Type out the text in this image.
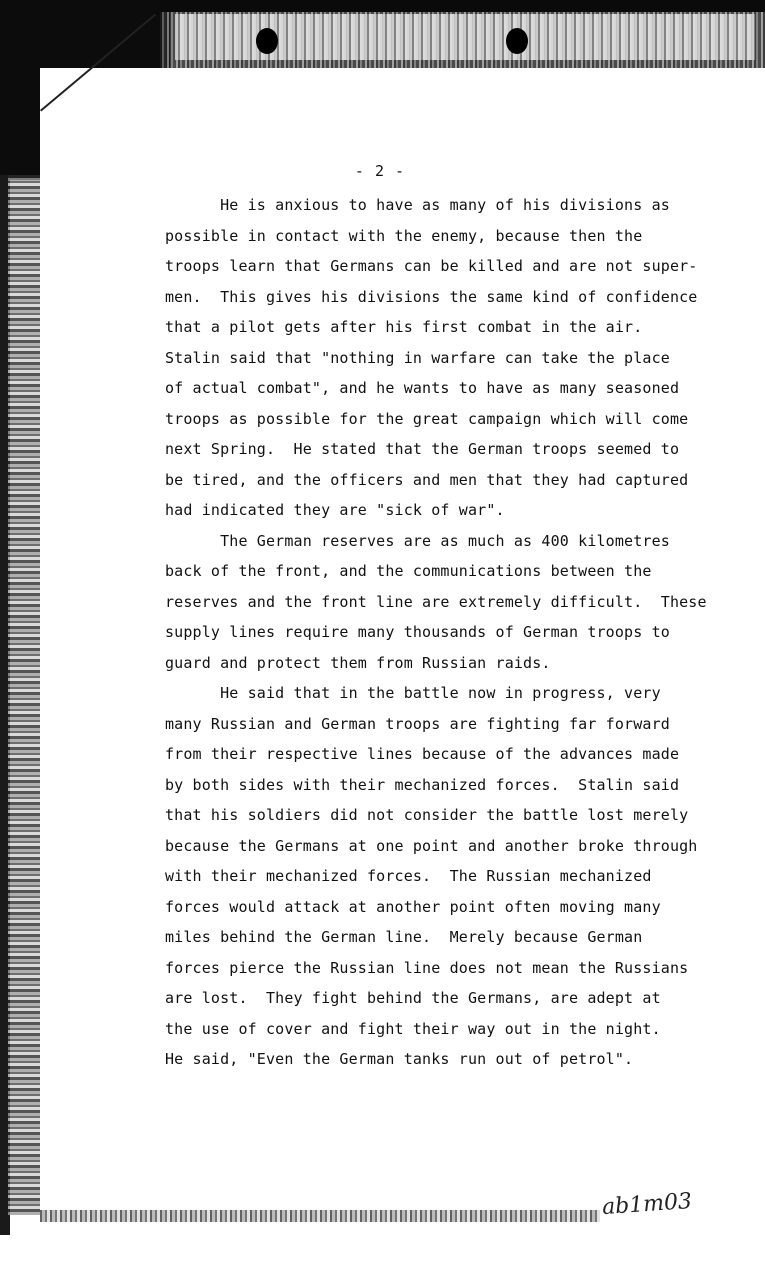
- 2 -
He is anxious to have as many of his divisions as
possible in contact with the enemy, because then the
troops learn that Germans can be killed and are not super-
men.  This gives his divisions the same kind of confidence
that a pilot gets after his first combat in the air.
Stalin said that "nothing in warfare can take the place
of actual combat", and he wants to have as many seasoned
troops as possible for the great campaign which will come
next Spring.  He stated that the German troops seemed to
be tired, and the officers and men that they had captured
had indicated they are "sick of war".
The German reserves are as much as 400 kilometres
back of the front, and the communications between the
reserves and the front line are extremely difficult.  These
supply lines require many thousands of German troops to
guard and protect them from Russian raids.
He said that in the battle now in progress, very
many Russian and German troops are fighting far forward
from their respective lines because of the advances made
by both sides with their mechanized forces.  Stalin said
that his soldiers did not consider the battle lost merely
because the Germans at one point and another broke through
with their mechanized forces.  The Russian mechanized
forces would attack at another point often moving many
miles behind the German line.  Merely because German
forces pierce the Russian line does not mean the Russians
are lost.  They fight behind the Germans, are adept at
the use of cover and fight their way out in the night.
He said, "Even the German tanks run out of petrol".
ab1m03
